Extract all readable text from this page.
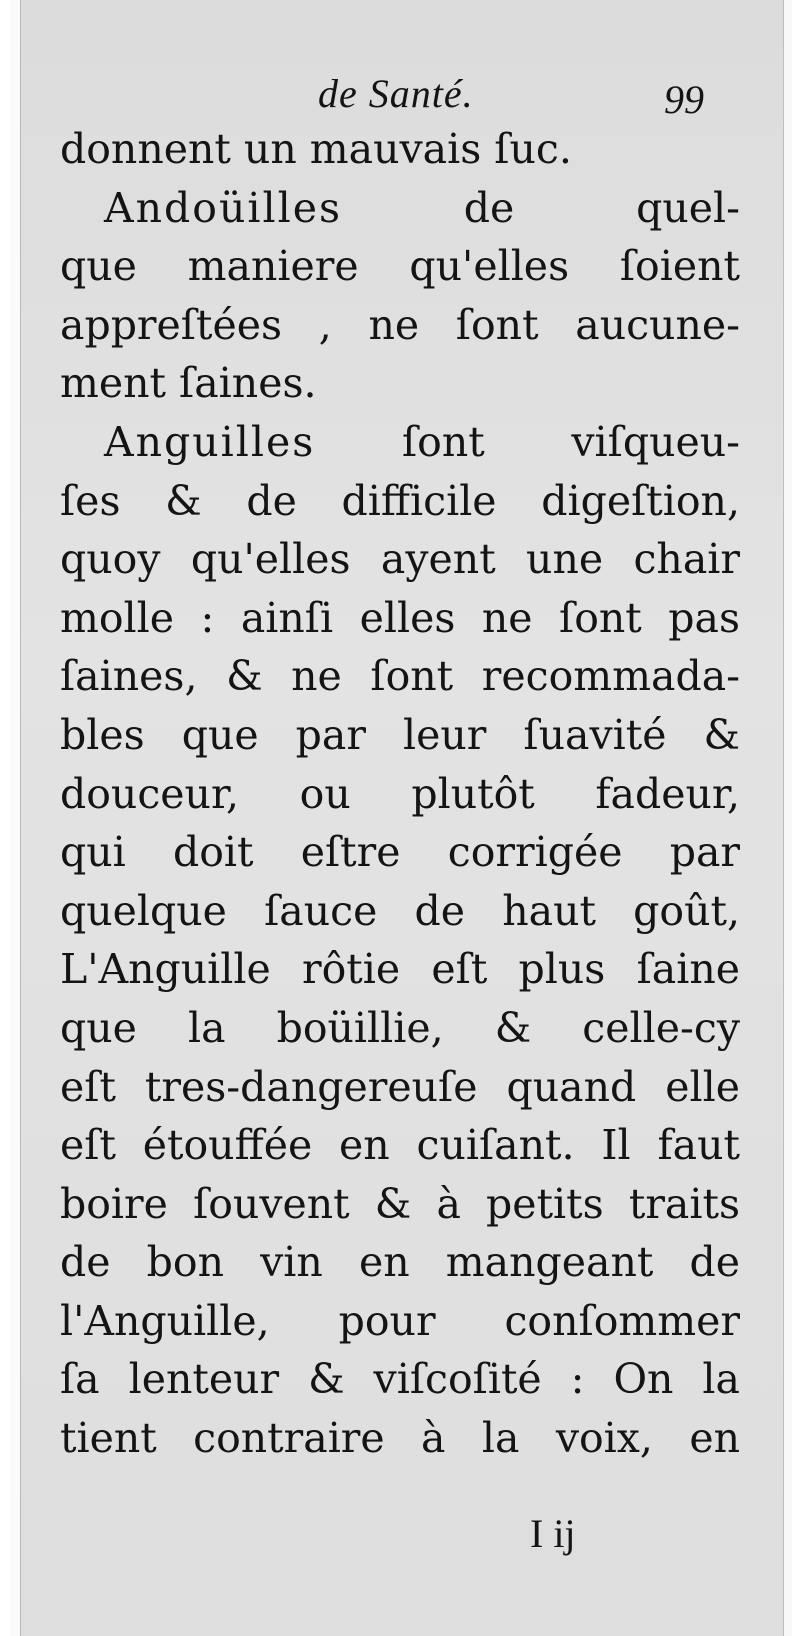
de Santé.	99
donnent un mauvais ſuc.
Andoüilles de quel-
que maniere qu'elles ſoient
appreſtées , ne ſont aucune-
ment ſaines.
Anguilles ſont viſqueu-
ſes & de difficile digeſtion,
quoy qu'elles ayent une chair
molle : ainſi elles ne ſont pas
ſaines, & ne ſont recommada-
bles que par leur ſuavité &
douceur, ou plutôt fadeur,
qui doit eſtre corrigée par
quelque ſauce de haut goût,
L'Anguille rôtie eſt plus ſaine
que la boüillie, & celle-cy
eſt tres-dangereuſe quand elle
eſt étouffée en cuiſant. Il faut
boire ſouvent & à petits traits
de bon vin en mangeant de
l'Anguille, pour conſommer
ſa lenteur & viſcoſité : On la
tient contraire à la voix, en
I ij
